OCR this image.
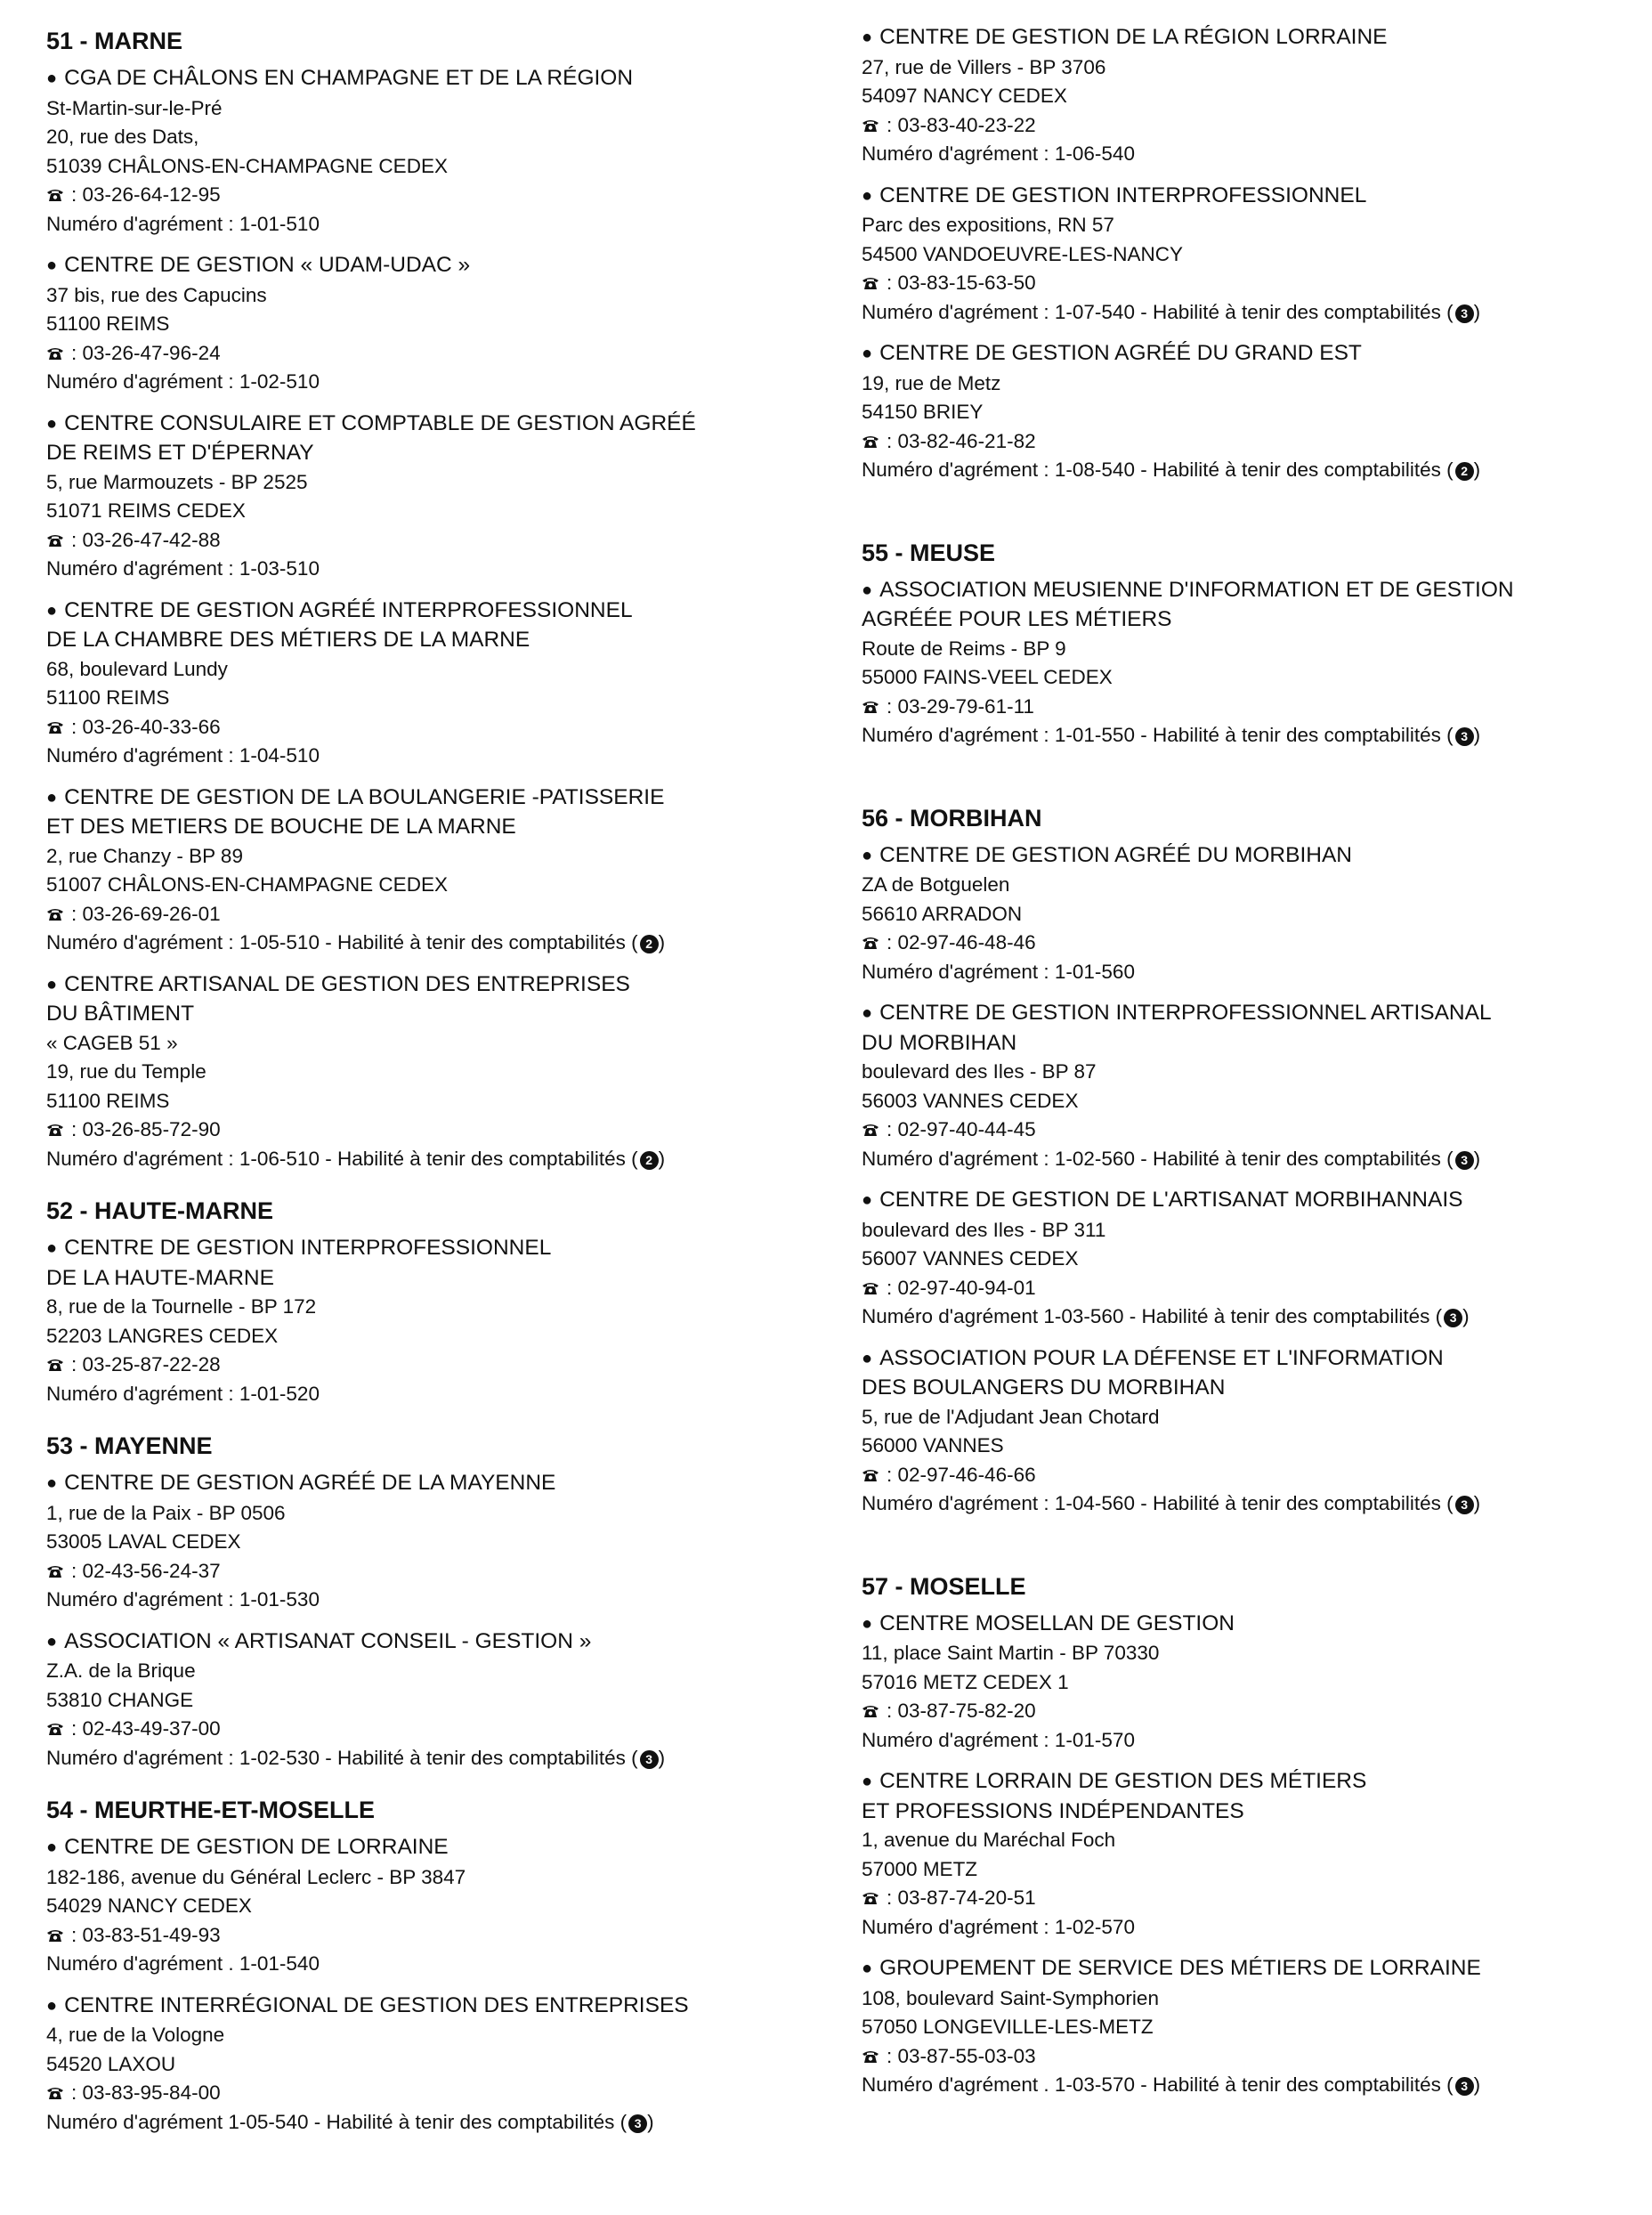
51 - MARNE
● CGA DE CHÂLONS EN CHAMPAGNE ET DE LA RÉGION
St-Martin-sur-le-Pré
20, rue des Dats,
51039 CHÂLONS-EN-CHAMPAGNE CEDEX
: 03-26-64-12-95
Numéro d'agrément : 1-01-510
● CENTRE DE GESTION « UDAM-UDAC »
37 bis, rue des Capucins
51100 REIMS
: 03-26-47-96-24
Numéro d'agrément : 1-02-510
● CENTRE CONSULAIRE ET COMPTABLE DE GESTION AGRÉÉ
DE REIMS ET D'ÉPERNAY
5, rue Marmouzets - BP 2525
51071 REIMS CEDEX
: 03-26-47-42-88
Numéro d'agrément : 1-03-510
● CENTRE DE GESTION AGRÉÉ INTERPROFESSIONNEL
DE LA CHAMBRE DES MÉTIERS DE LA MARNE
68, boulevard Lundy
51100 REIMS
: 03-26-40-33-66
Numéro d'agrément : 1-04-510
● CENTRE DE GESTION DE LA BOULANGERIE -PATISSERIE
ET DES METIERS DE BOUCHE DE LA MARNE
2, rue Chanzy - BP 89
51007 CHÂLONS-EN-CHAMPAGNE CEDEX
: 03-26-69-26-01
Numéro d'agrément : 1-05-510 - Habilité à tenir des comptabilités ( 2 )
● CENTRE ARTISANAL DE GESTION DES ENTREPRISES
DU BÂTIMENT
« CAGEB 51 »
19, rue du Temple
51100 REIMS
: 03-26-85-72-90
Numéro d'agrément : 1-06-510 - Habilité à tenir des comptabilités ( 2 )
52 - HAUTE-MARNE
● CENTRE DE GESTION INTERPROFESSIONNEL
DE LA HAUTE-MARNE
8, rue de la Tournelle - BP 172
52203 LANGRES CEDEX
: 03-25-87-22-28
Numéro d'agrément : 1-01-520
53 - MAYENNE
● CENTRE DE GESTION AGRÉÉ DE LA MAYENNE
1, rue de la Paix - BP 0506
53005 LAVAL CEDEX
: 02-43-56-24-37
Numéro d'agrément : 1-01-530
● ASSOCIATION « ARTISANAT CONSEIL - GESTION »
Z.A. de la Brique
53810 CHANGE
: 02-43-49-37-00
Numéro d'agrément : 1-02-530 - Habilité à tenir des comptabilités ( 3 )
54 - MEURTHE-ET-MOSELLE
● CENTRE DE GESTION DE LORRAINE
182-186, avenue du Général Leclerc - BP 3847
54029 NANCY CEDEX
: 03-83-51-49-93
Numéro d'agrément . 1-01-540
● CENTRE INTERRÉGIONAL DE GESTION DES ENTREPRISES
4, rue de la Vologne
54520 LAXOU
: 03-83-95-84-00
Numéro d'agrément 1-05-540 - Habilité à tenir des comptabilités ( 3 )
● CENTRE DE GESTION DE LA RÉGION LORRAINE
27, rue de Villers - BP 3706
54097 NANCY CEDEX
: 03-83-40-23-22
Numéro d'agrément : 1-06-540
● CENTRE DE GESTION INTERPROFESSIONNEL
Parc des expositions, RN 57
54500 VANDOEUVRE-LES-NANCY
: 03-83-15-63-50
Numéro d'agrément : 1-07-540 - Habilité à tenir des comptabilités ( 3 )
● CENTRE DE GESTION AGRÉÉ DU GRAND EST
19, rue de Metz
54150 BRIEY
: 03-82-46-21-82
Numéro d'agrément : 1-08-540 - Habilité à tenir des comptabilités ( 2 )
55 - MEUSE
● ASSOCIATION MEUSIENNE D'INFORMATION ET DE GESTION
AGRÉÉE POUR LES MÉTIERS
Route de Reims - BP 9
55000 FAINS-VEEL CEDEX
: 03-29-79-61-11
Numéro d'agrément : 1-01-550 - Habilité à tenir des comptabilités ( 3 )
56 - MORBIHAN
● CENTRE DE GESTION AGRÉÉ DU MORBIHAN
ZA de Botguelen
56610 ARRADON
: 02-97-46-48-46
Numéro d'agrément : 1-01-560
● CENTRE DE GESTION INTERPROFESSIONNEL ARTISANAL
DU MORBIHAN
boulevard des Iles - BP 87
56003 VANNES CEDEX
: 02-97-40-44-45
Numéro d'agrément : 1-02-560 - Habilité à tenir des comptabilités ( 3 )
● CENTRE DE GESTION DE L'ARTISANAT MORBIHANNAIS
boulevard des Iles - BP 311
56007 VANNES CEDEX
: 02-97-40-94-01
Numéro d'agrément 1-03-560 - Habilité à tenir des comptabilités ( 3 )
● ASSOCIATION POUR LA DÉFENSE ET L'INFORMATION
DES BOULANGERS DU MORBIHAN
5, rue de l'Adjudant Jean Chotard
56000 VANNES
: 02-97-46-46-66
Numéro d'agrément : 1-04-560 - Habilité à tenir des comptabilités ( 3 )
57 - MOSELLE
● CENTRE MOSELLAN DE GESTION
11, place Saint Martin - BP 70330
57016 METZ CEDEX 1
: 03-87-75-82-20
Numéro d'agrément : 1-01-570
● CENTRE LORRAIN DE GESTION DES MÉTIERS
ET PROFESSIONS INDÉPENDANTES
1, avenue du Maréchal Foch
57000 METZ
: 03-87-74-20-51
Numéro d'agrément : 1-02-570
● GROUPEMENT DE SERVICE DES MÉTIERS DE LORRAINE
108, boulevard Saint-Symphorien
57050 LONGEVILLE-LES-METZ
: 03-87-55-03-03
Numéro d'agrément . 1-03-570 - Habilité à tenir des comptabilités ( 3 )
